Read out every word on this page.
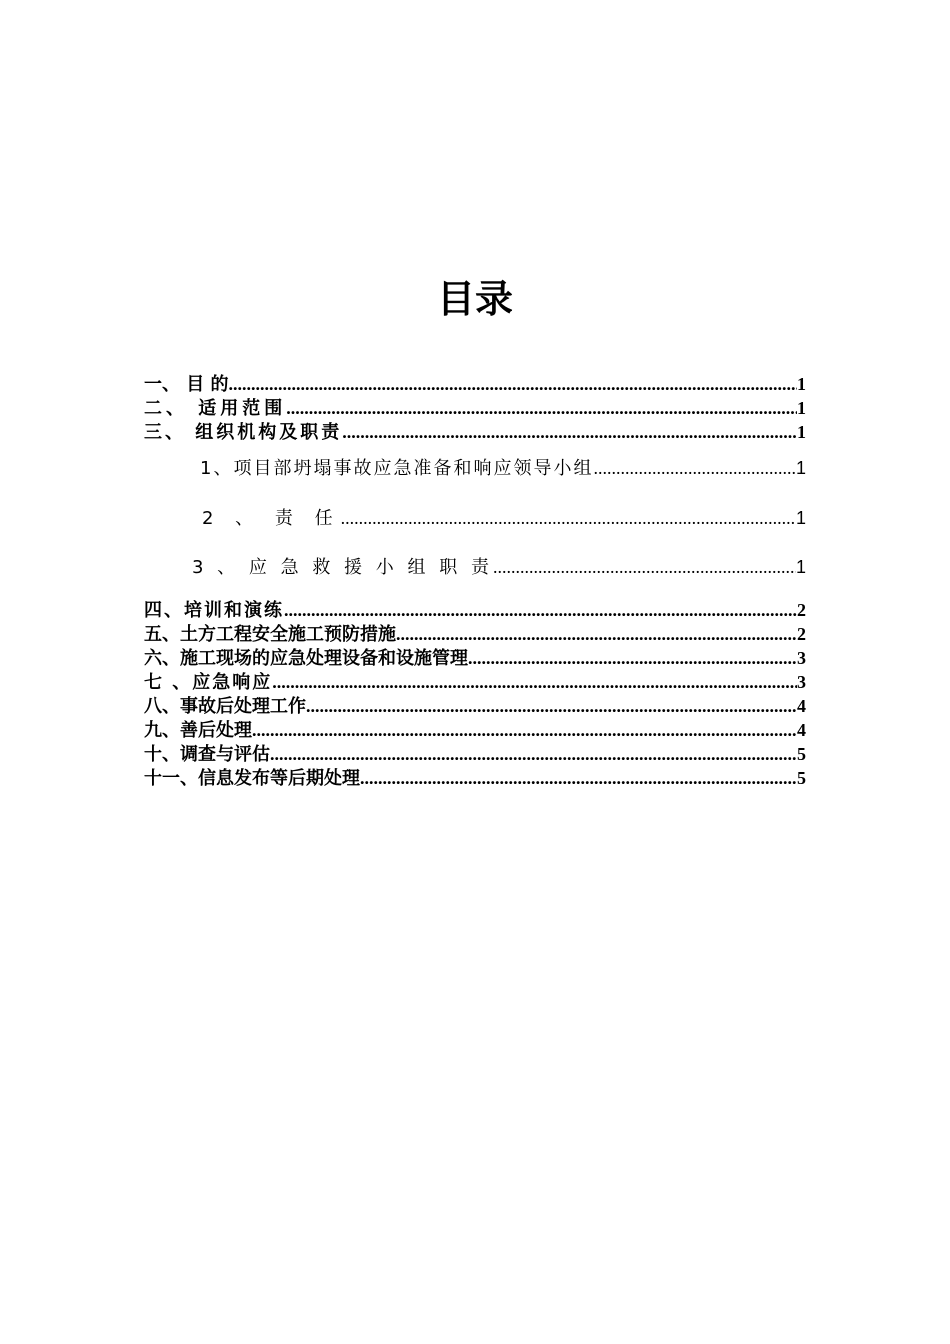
目录
一、 目 的 .....	1
二、 适用范围 .....	1
三、 组织机构及职责 .....	1
1、项目部坍塌事故应急准备和响应领导小组 .....	1
2 、 责 任 .....	1
3 、 应 急 救 援 小 组 职 责 .....	1
四、培训和演练 .....	2
五、土方工程安全施工预防措施 .....	2
六、施工现场的应急处理设备和设施管理 .....	3
七 、应急响应 .....	3
八、事故后处理工作 .....	4
九、善后处理 .....	4
十、调查与评估 .....	5
十一、信息发布等后期处理 .....	5
